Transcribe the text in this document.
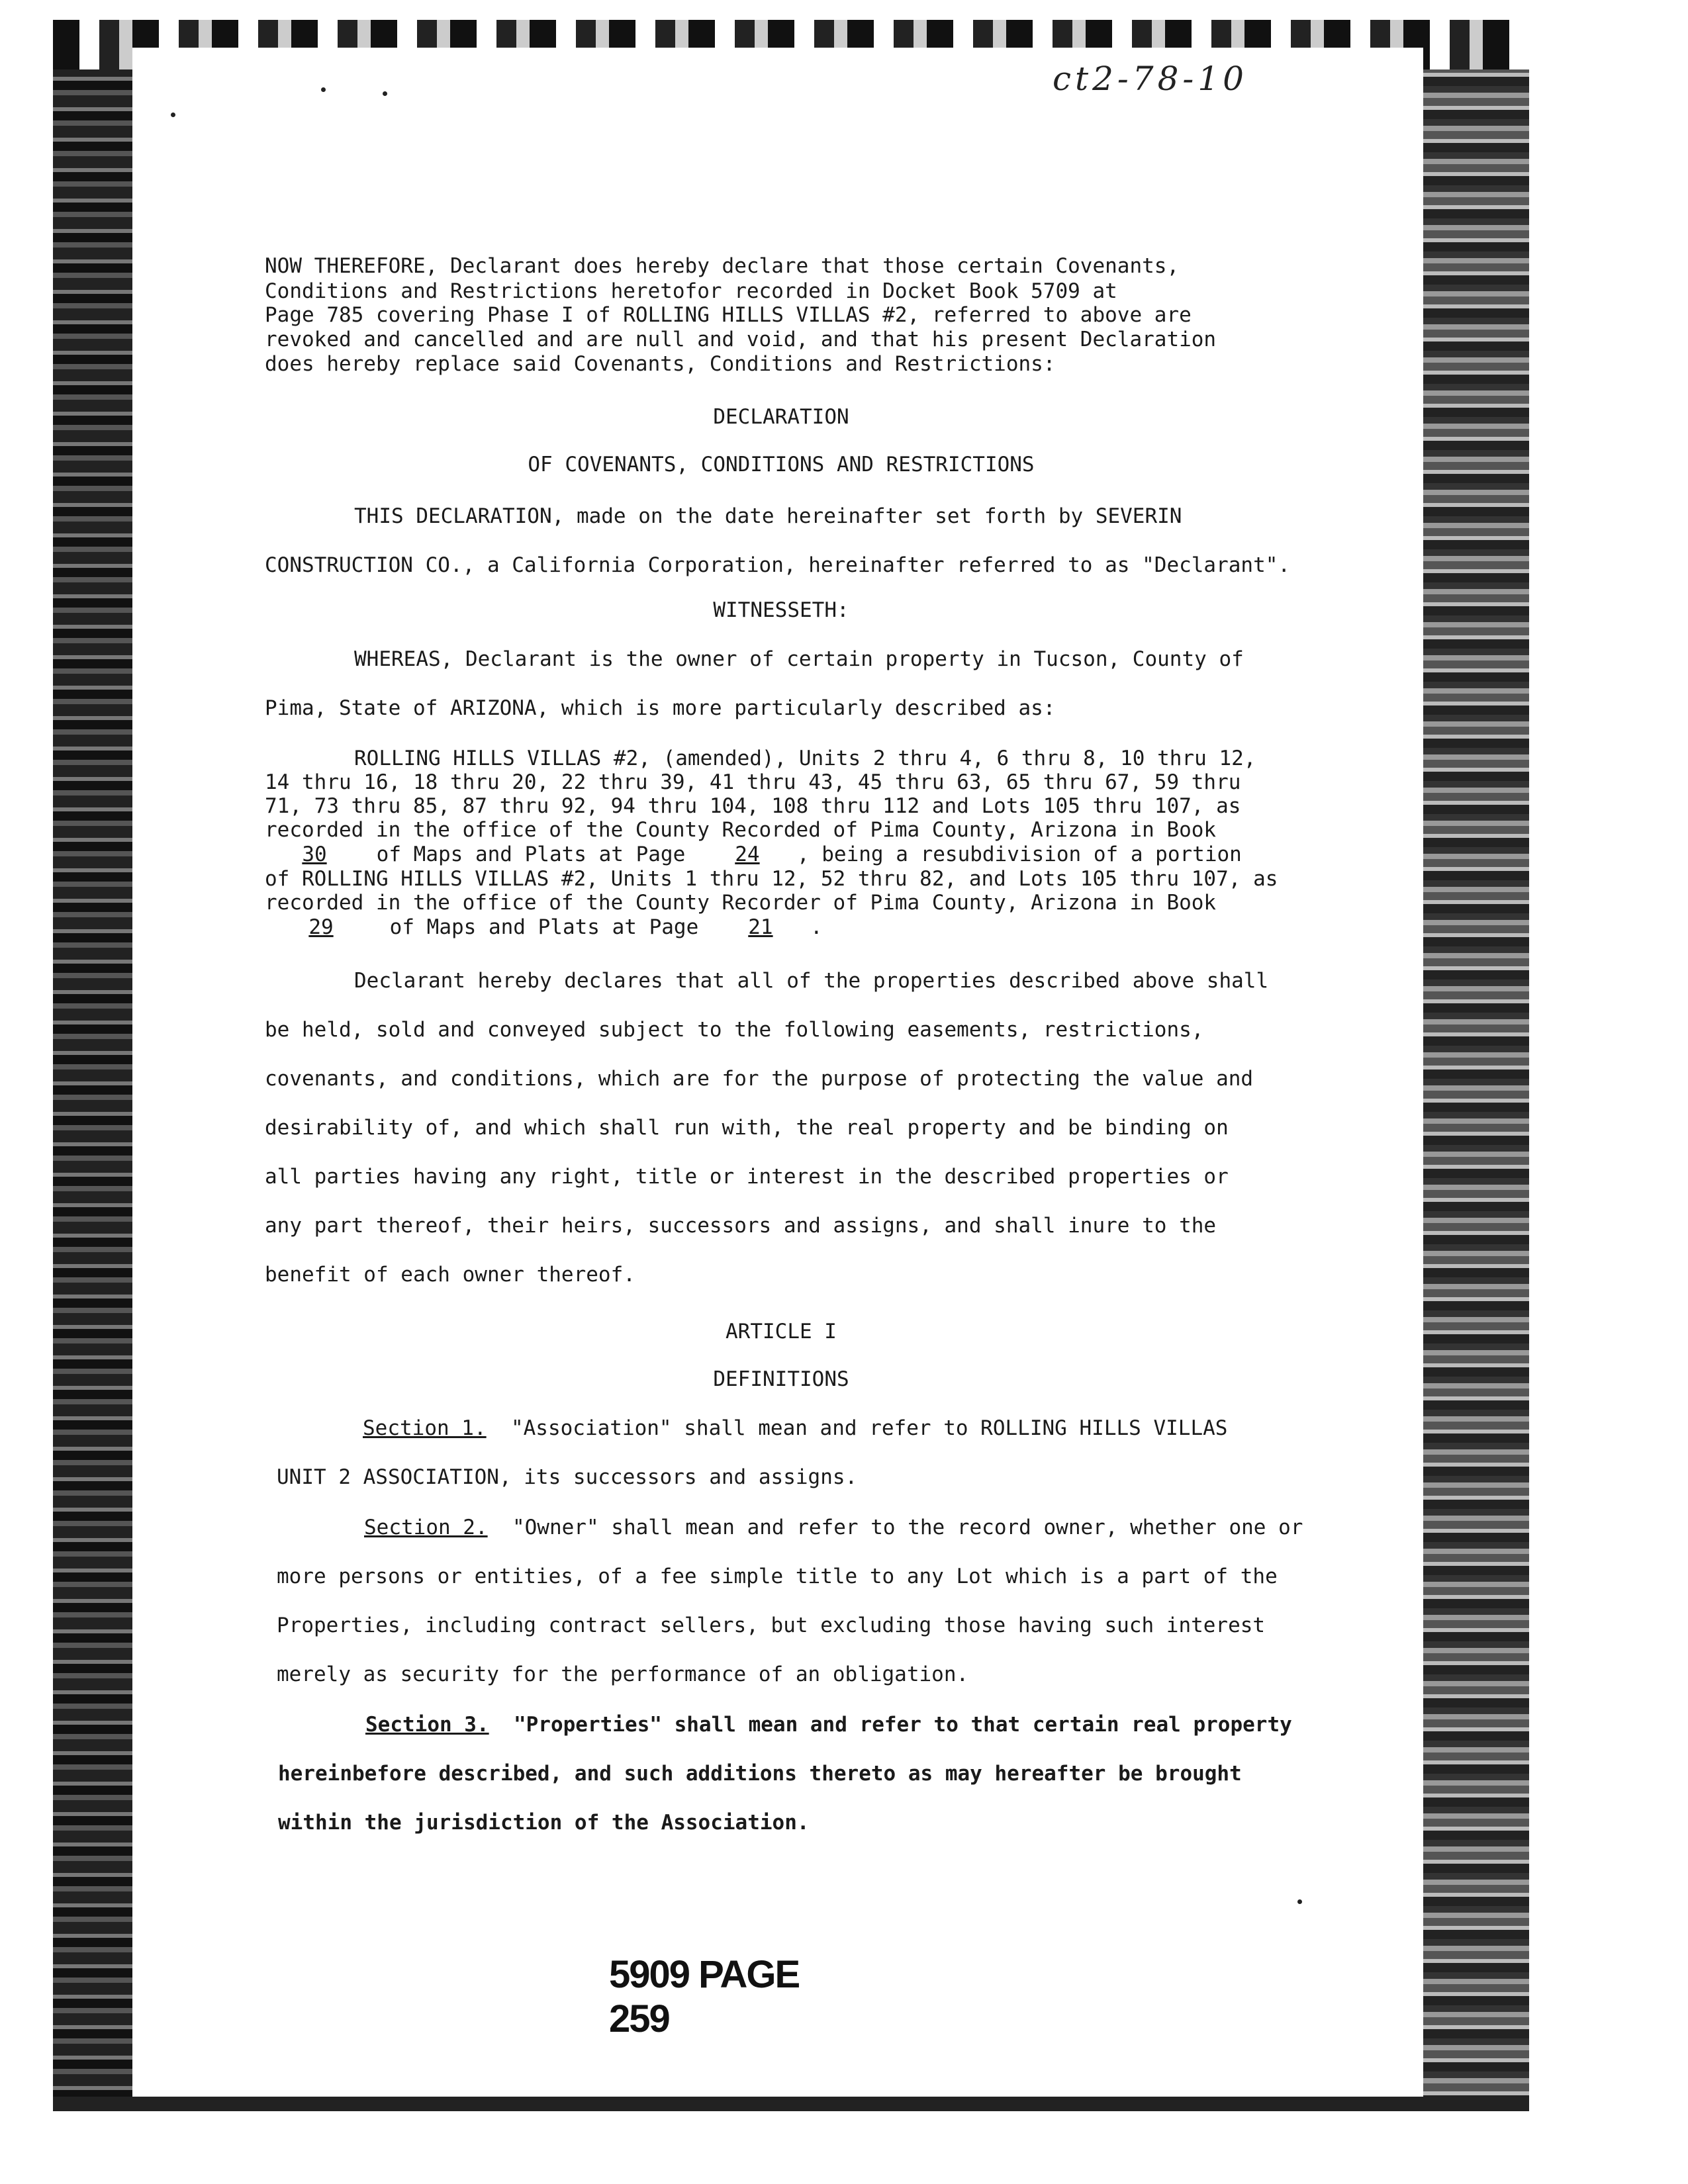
ct2-78-10
NOW THEREFORE, Declarant does hereby declare that those certain Covenants,
Conditions and Restrictions heretofor recorded in Docket Book 5709 at
Page 785 covering Phase I of ROLLING HILLS VILLAS #2, referred to above are
revoked and cancelled and are null and void, and that his present Declaration
does hereby replace said Covenants, Conditions and Restrictions:
DECLARATION
OF COVENANTS, CONDITIONS AND RESTRICTIONS
THIS DECLARATION, made on the date hereinafter set forth by SEVERIN
CONSTRUCTION CO., a California Corporation, hereinafter referred to as "Declarant".
WITNESSETH:
WHEREAS, Declarant is the owner of certain property in Tucson, County of
Pima, State of ARIZONA, which is more particularly described as:
ROLLING HILLS VILLAS #2, (amended), Units 2 thru 4, 6 thru 8, 10 thru 12,
14 thru 16, 18 thru 20, 22 thru 39, 41 thru 43, 45 thru 63, 65 thru 67, 59 thru
71, 73 thru 85, 87 thru 92, 94 thru 104, 108 thru 112 and Lots 105 thru 107, as
recorded in the office of the County Recorded of Pima County, Arizona in Book
30 of Maps and Plats at Page 24 , being a resubdivision of a portion
of ROLLING HILLS VILLAS #2, Units 1 thru 12, 52 thru 82, and Lots 105 thru 107, as
recorded in the office of the County Recorder of Pima County, Arizona in Book
29	of Maps and Plats at Page 21 .
Declarant hereby declares that all of the properties described above shall
be held, sold and conveyed subject to the following easements, restrictions,
covenants, and conditions, which are for the purpose of protecting the value and
desirability of, and which shall run with, the real property and be binding on
all parties having any right, title or interest in the described properties or
any part thereof, their heirs, successors and assigns, and shall inure to the
benefit of each owner thereof.
ARTICLE I
DEFINITIONS
Section 1. "Association" shall mean and refer to ROLLING HILLS VILLAS
UNIT 2 ASSOCIATION, its successors and assigns.
Section 2. "Owner" shall mean and refer to the record owner, whether one or
more persons or entities, of a fee simple title to any Lot which is a part of the
Properties, including contract sellers, but excluding those having such interest
merely as security for the performance of an obligation.
Section 3. "Properties" shall mean and refer to that certain real property
hereinbefore described, and such additions thereto as may hereafter be brought
within the jurisdiction of the Association.
5909 PAGE 259
